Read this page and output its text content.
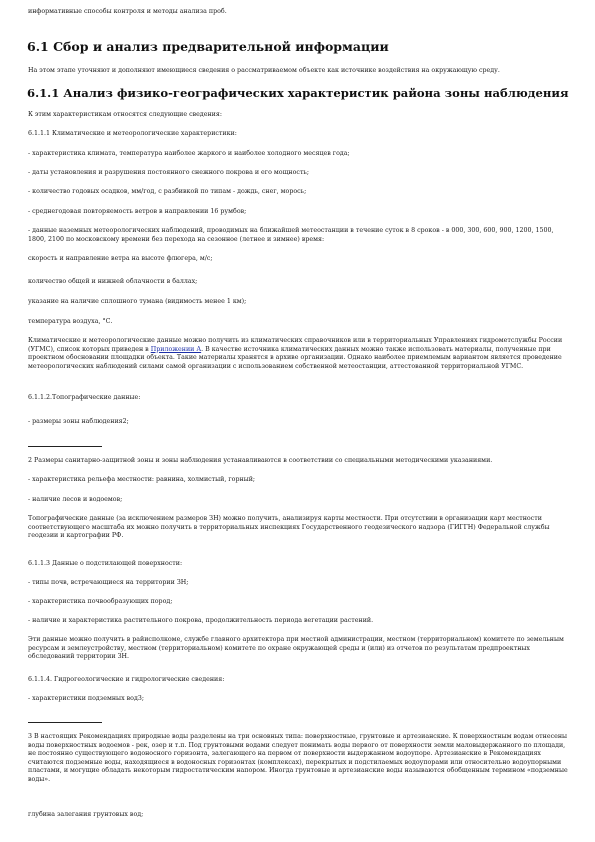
информативные способы контроля и методы анализа проб.

6.1 Сбор и анализ предварительной информации

На этом этапе уточняют и дополняют имеющиеся сведения о рассматриваемом объекте как источнике воздействия на окружающую среду.

6.1.1 Анализ физико-географических характеристик района зоны наблюдения

К этим характеристикам относятся следующие сведения:

6.1.1.1 Климатические и метеорологические характеристики:

- характеристика климата, температура наиболее жаркого и наиболее холодного месяцев года;

- даты установления и разрушения постоянного снежного покрова и его мощность;

- количество годовых осадков, мм/год, с разбивкой по типам - дождь, снег, морось;

- среднегодовая повторяемость ветров в направлении 16 румбов;

- данные наземных метеорологических наблюдений, проводимых на ближайшей метеостанции в течение суток в 8 сроков - в 000, 300, 600, 900, 1200, 1500, 1800, 2100 по московскому времени без перехода на сезонное (летнее и зимнее) время:

скорость и направление ветра на высоте флюгера, м/с;

количество общей и нижней облачности в баллах;

указание на наличие сплошного тумана (видимость менее 1 км);

температура воздуха, °С.

Климатические и метеорологические данные можно получить из климатических справочников или в территориальных Управлениях гидрометслужбы России (УГМС), список которых приведен в Приложении А. В качестве источника климатических данных можно также использовать материалы, полученные при проектном обосновании площадки объекта. Такие материалы хранятся в архиве организации. Однако наиболее приемлемым вариантом является проведение метеорологических наблюдений силами самой организации с использованием собственной метеостанции, аттестованной территориальной УГМС.

6.1.1.2.Топографические данные:

- размеры зоны наблюдения2;

2 Размеры санитарно-защитной зоны и зоны наблюдения устанавливаются в соответствии со специальными методическими указаниями.

- характеристика рельефа местности: равнина, холмистый, горный;

- наличие лесов и водоемов;

Топографические данные (за исключением размеров ЗН) можно получить, анализируя карты местности. При отсутствии в организации карт местности соответствующего масштаба их можно получить в территориальных инспекциях Государственного геодезического надзора (ГИГГН) Федеральной службы геодезии и картографии РФ.

6.1.1.3 Данные о подстилающей поверхности:

- типы почв, встречающиеся на территории ЗН;

- характеристика почвообразующих пород;

- наличие и характеристика растительного покрова, продолжительность периода вегетации растений.

Эти данные можно получить в райисполкоме, службе главного архитектора при местной администрации, местном (территориальном) комитете по земельным ресурсам и землеустройству, местном (территориальном) комитете по охране окружающей среды и (или) из отчетов по результатам предпроектных обследований территории ЗН.

6.1.1.4. Гидрогеологические и гидрологические сведения:

- характеристики подземных вод3;

3 В настоящих Рекомендациях природные воды разделены на три основных типа: поверхностные, грунтовые и артезианские. К поверхностным водам отнесены воды поверхностных водоемов - рек, озер и т.п. Под грунтовыми водами следует понимать воды первого от поверхности земли маловыдержанного по площади, не постоянно существующего водоносного горизонта, залегающего на первом от поверхности выдержанном водоупоре. Артезианские в Рекомендациях считаются подземные воды, находящиеся в водоносных горизонтах (комплексах), перекрытых и подстилаемых водоупорами или относительно водоупорными пластами, и могущие обладать некоторым гидростатическим напором. Иногда грунтовые и артезианские воды называются обобщенным термином «подземные воды».

глубина залегания грунтовых вод;
